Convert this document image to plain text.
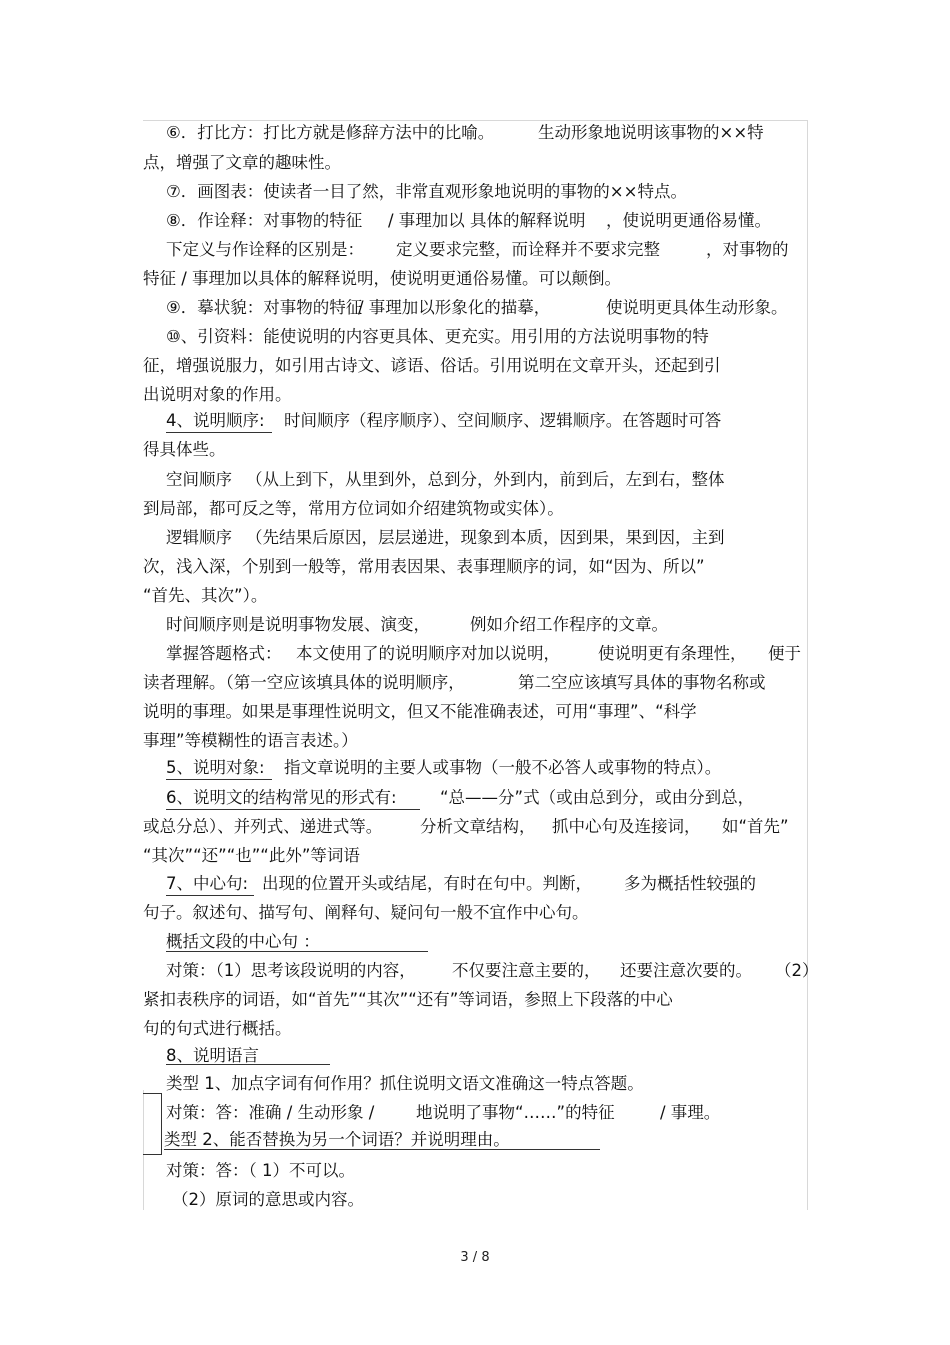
⑥．打比方：打比方就是修辞方法中的比喻。	生动形象地说明该事物的××特
点，增强了文章的趣味性。
⑦．画图表：使读者一目了然，非常直观形象地说明的事物的××特点。
⑧．作诠释：对事物的特征 / 事理加以 具体的解释说明 ，使说明更通俗易懂。
下定义与作诠释的区别是： 定义要求完整，而诠释并不要求完整	，对事物的
特征 / 事理加以具体的解释说明，使说明更通俗易懂。可以颠倒。
⑨．摹状貌：对事物的特征
/ 事理加以形象化的描摹，	使说明更具体生动形象。
⑩、引资料：能使说明的内容更具体、更充实。用引用的方法说明事物的特
征，增强说服力，如引用古诗文、谚语、俗话。引用说明在文章开头，还起到引
出说明对象的作用。
4、说明顺序: 时间顺序（程序顺序）、空间顺序、逻辑顺序。在答题时可答
得具体些。
空间顺序 （从上到下，从里到外，总到分，外到内，前到后，左到右，整体
到局部，都可反之等，常用方位词如介绍建筑物或实体）。
逻辑顺序 （先结果后原因，层层递进，现象到本质，因到果，果到因，主到
次，浅入深，个别到一般等，常用表因果、表事理顺序的词，如“因为、所以”
“首先、其次”）。
时间顺序则是说明事物发展、演变， 例如介绍工作程序的文章。
掌握答题格式： 本文使用了的说明顺序对加以说明， 使说明更有条理性， 便于
读者理解。（第一空应该填具体的说明顺序，	第二空应该填写具体的事物名称或
说明的事理。如果是事理性说明文，但又不能准确表述，可用“事理”、“科学
事理”等模糊性的语言表述。）
5、说明对象: 指文章说明的主要人或事物（一般不必答人或事物的特点）。
6、说明文的结构常见的形式有:	“总——分”式（或由总到分，或由分到总，
或总分总）、并列式、递进式等。 分析文章结构， 抓中心句及连接词， 如“首先”
“其次”“还”“也”“此外”等词语
7、中心句: 出现的位置开头或结尾，有时在句中。判断， 多为概括性较强的
句子。叙述句、描写句、阐释句、疑问句一般不宜作中心句。
概括文段的中心句 ：
对策：（1）思考该段说明的内容， 不仅要注意主要的， 还要注意次要的。 （2）
紧扣表秩序的词语，如“首先”“其次”“还有”等词语，参照上下段落的中心
句的句式进行概括。
8、说明语言
类型 1、加点字词有何作用？抓住说明文语文准确这一特点答题。
对策：答：准确 / 生动形象 /	地说明了事物“……”的特征	/ 事理。
类型 2、能否替换为另一个词语？并说明理由。
对策：答：（ 1）不可以。
（2）原词的意思或内容。
3 / 8
